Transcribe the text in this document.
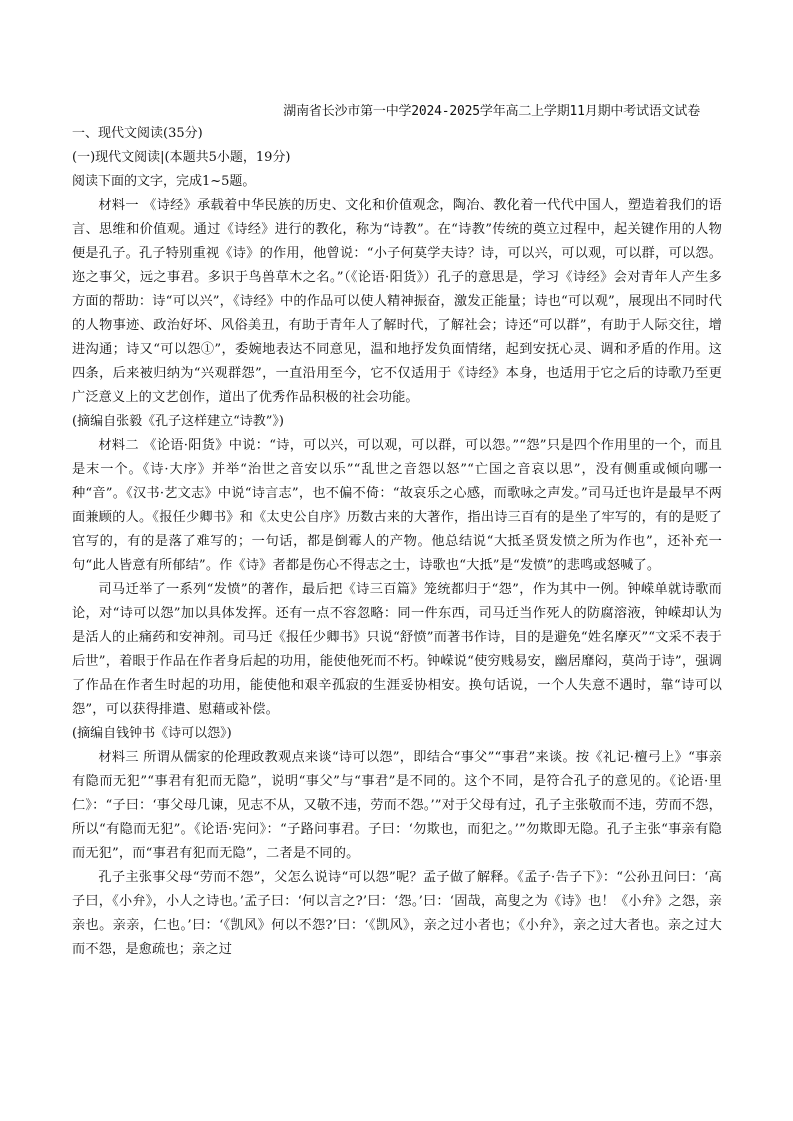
湖南省长沙市第一中学2024-2025学年高二上学期11月期中考试语文试卷

一、现代文阅读(35分)

(一)现代文阅读|(本题共5小题，19分)

阅读下面的文字，完成1~5题。

材料一 《诗经》承载着中华民族的历史、文化和价值观念，陶冶、教化着一代代中国人，塑造着我们的语言、思维和价值观。通过《诗经》进行的教化，称为“诗教”。在“诗教”传统的奠立过程中，起关键作用的人物便是孔子。孔子特别重视《诗》的作用，他曾说：“小子何莫学夫诗？诗，可以兴，可以观，可以群，可以怨。迩之事父，远之事君。多识于鸟兽草木之名。”（《论语·阳货》）孔子的意思是，学习《诗经》会对青年人产生多方面的帮助：诗“可以兴”，《诗经》中的作品可以使人精神振奋，激发正能量；诗也“可以观”，展现出不同时代的人物事迹、政治好坏、风俗美丑，有助于青年人了解时代，了解社会；诗还“可以群”，有助于人际交往，增进沟通；诗又“可以怨①”，委婉地表达不同意见，温和地抒发负面情绪，起到安抚心灵、调和矛盾的作用。这四条，后来被归纳为“兴观群怨”，一直沿用至今，它不仅适用于《诗经》本身，也适用于它之后的诗歌乃至更广泛意义上的文艺创作，道出了优秀作品积极的社会功能。

(摘编自张毅《孔子这样建立“诗教”》)

材料二 《论语·阳货》中说：“诗，可以兴，可以观，可以群，可以怨。”“怨”只是四个作用里的一个，而且是末一个。《诗·大序》并举“治世之音安以乐”“乱世之音怨以怒”“亡国之音哀以思”，没有侧重或倾向哪一种“音”。《汉书·艺文志》中说“诗言志”，也不偏不倚：“故哀乐之心感，而歌咏之声发。”司马迁也许是最早不两面兼顾的人。《报任少卿书》和《太史公自序》历数古来的大著作，指出诗三百有的是坐了牢写的，有的是贬了官写的，有的是落了难写的；一句话，都是倒霉人的产物。他总结说“大抵圣贤发愤之所为作也”，还补充一句“此人皆意有所郁结”。作《诗》者都是伤心不得志之士，诗歌也“大抵”是“发愤”的悲鸣或怒喊了。

司马迁举了一系列“发愤”的著作，最后把《诗三百篇》笼统都归于“怨”，作为其中一例。钟嵘单就诗歌而论，对“诗可以怨”加以具体发挥。还有一点不容忽略：同一件东西，司马迁当作死人的防腐溶液，钟嵘却认为是活人的止痛药和安神剂。司马迁《报任少卿书》只说“舒愤”而著书作诗，目的是避免“姓名摩灭”“文采不表于后世”，着眼于作品在作者身后起的功用，能使他死而不朽。钟嵘说“使穷贱易安，幽居靡闷，莫尚于诗”，强调了作品在作者生时起的功用，能使他和艰辛孤寂的生涯妥协相安。换句话说，一个人失意不遇时，靠“诗可以怨”，可以获得排遣、慰藉或补偿。

(摘编自钱钟书《诗可以怨》)

材料三 所谓从儒家的伦理政教观点来谈“诗可以怨”，即结合“事父”“事君”来谈。按《礼记·檀弓上》“事亲有隐而无犯”“事君有犯而无隐”，说明“事父”与“事君”是不同的。这个不同，是符合孔子的意见的。《论语·里仁》：“子曰：‘事父母几谏，见志不从，又敬不违，劳而不怨。’”对于父母有过，孔子主张敬而不违，劳而不怨，所以“有隐而无犯”。《论语·宪问》：“子路问事君。子曰：‘勿欺也，而犯之。’”勿欺即无隐。孔子主张“事亲有隐而无犯”，而“事君有犯而无隐”，二者是不同的。

孔子主张事父母“劳而不怨”，父怎么说诗“可以怨”呢？孟子做了解释。《孟子·告子下》：“公孙丑问曰：‘高子曰，《小弁》，小人之诗也。’孟子曰：‘何以言之?’曰：‘怨。’曰：‘固哉，高叟之为《诗》也！《小弁》之怨，亲亲也。亲亲，仁也。’曰：‘《凯风》何以不怨?’曰：‘《凯风》，亲之过小者也；《小弁》，亲之过大者也。亲之过大而不怨，是愈疏也；亲之过
